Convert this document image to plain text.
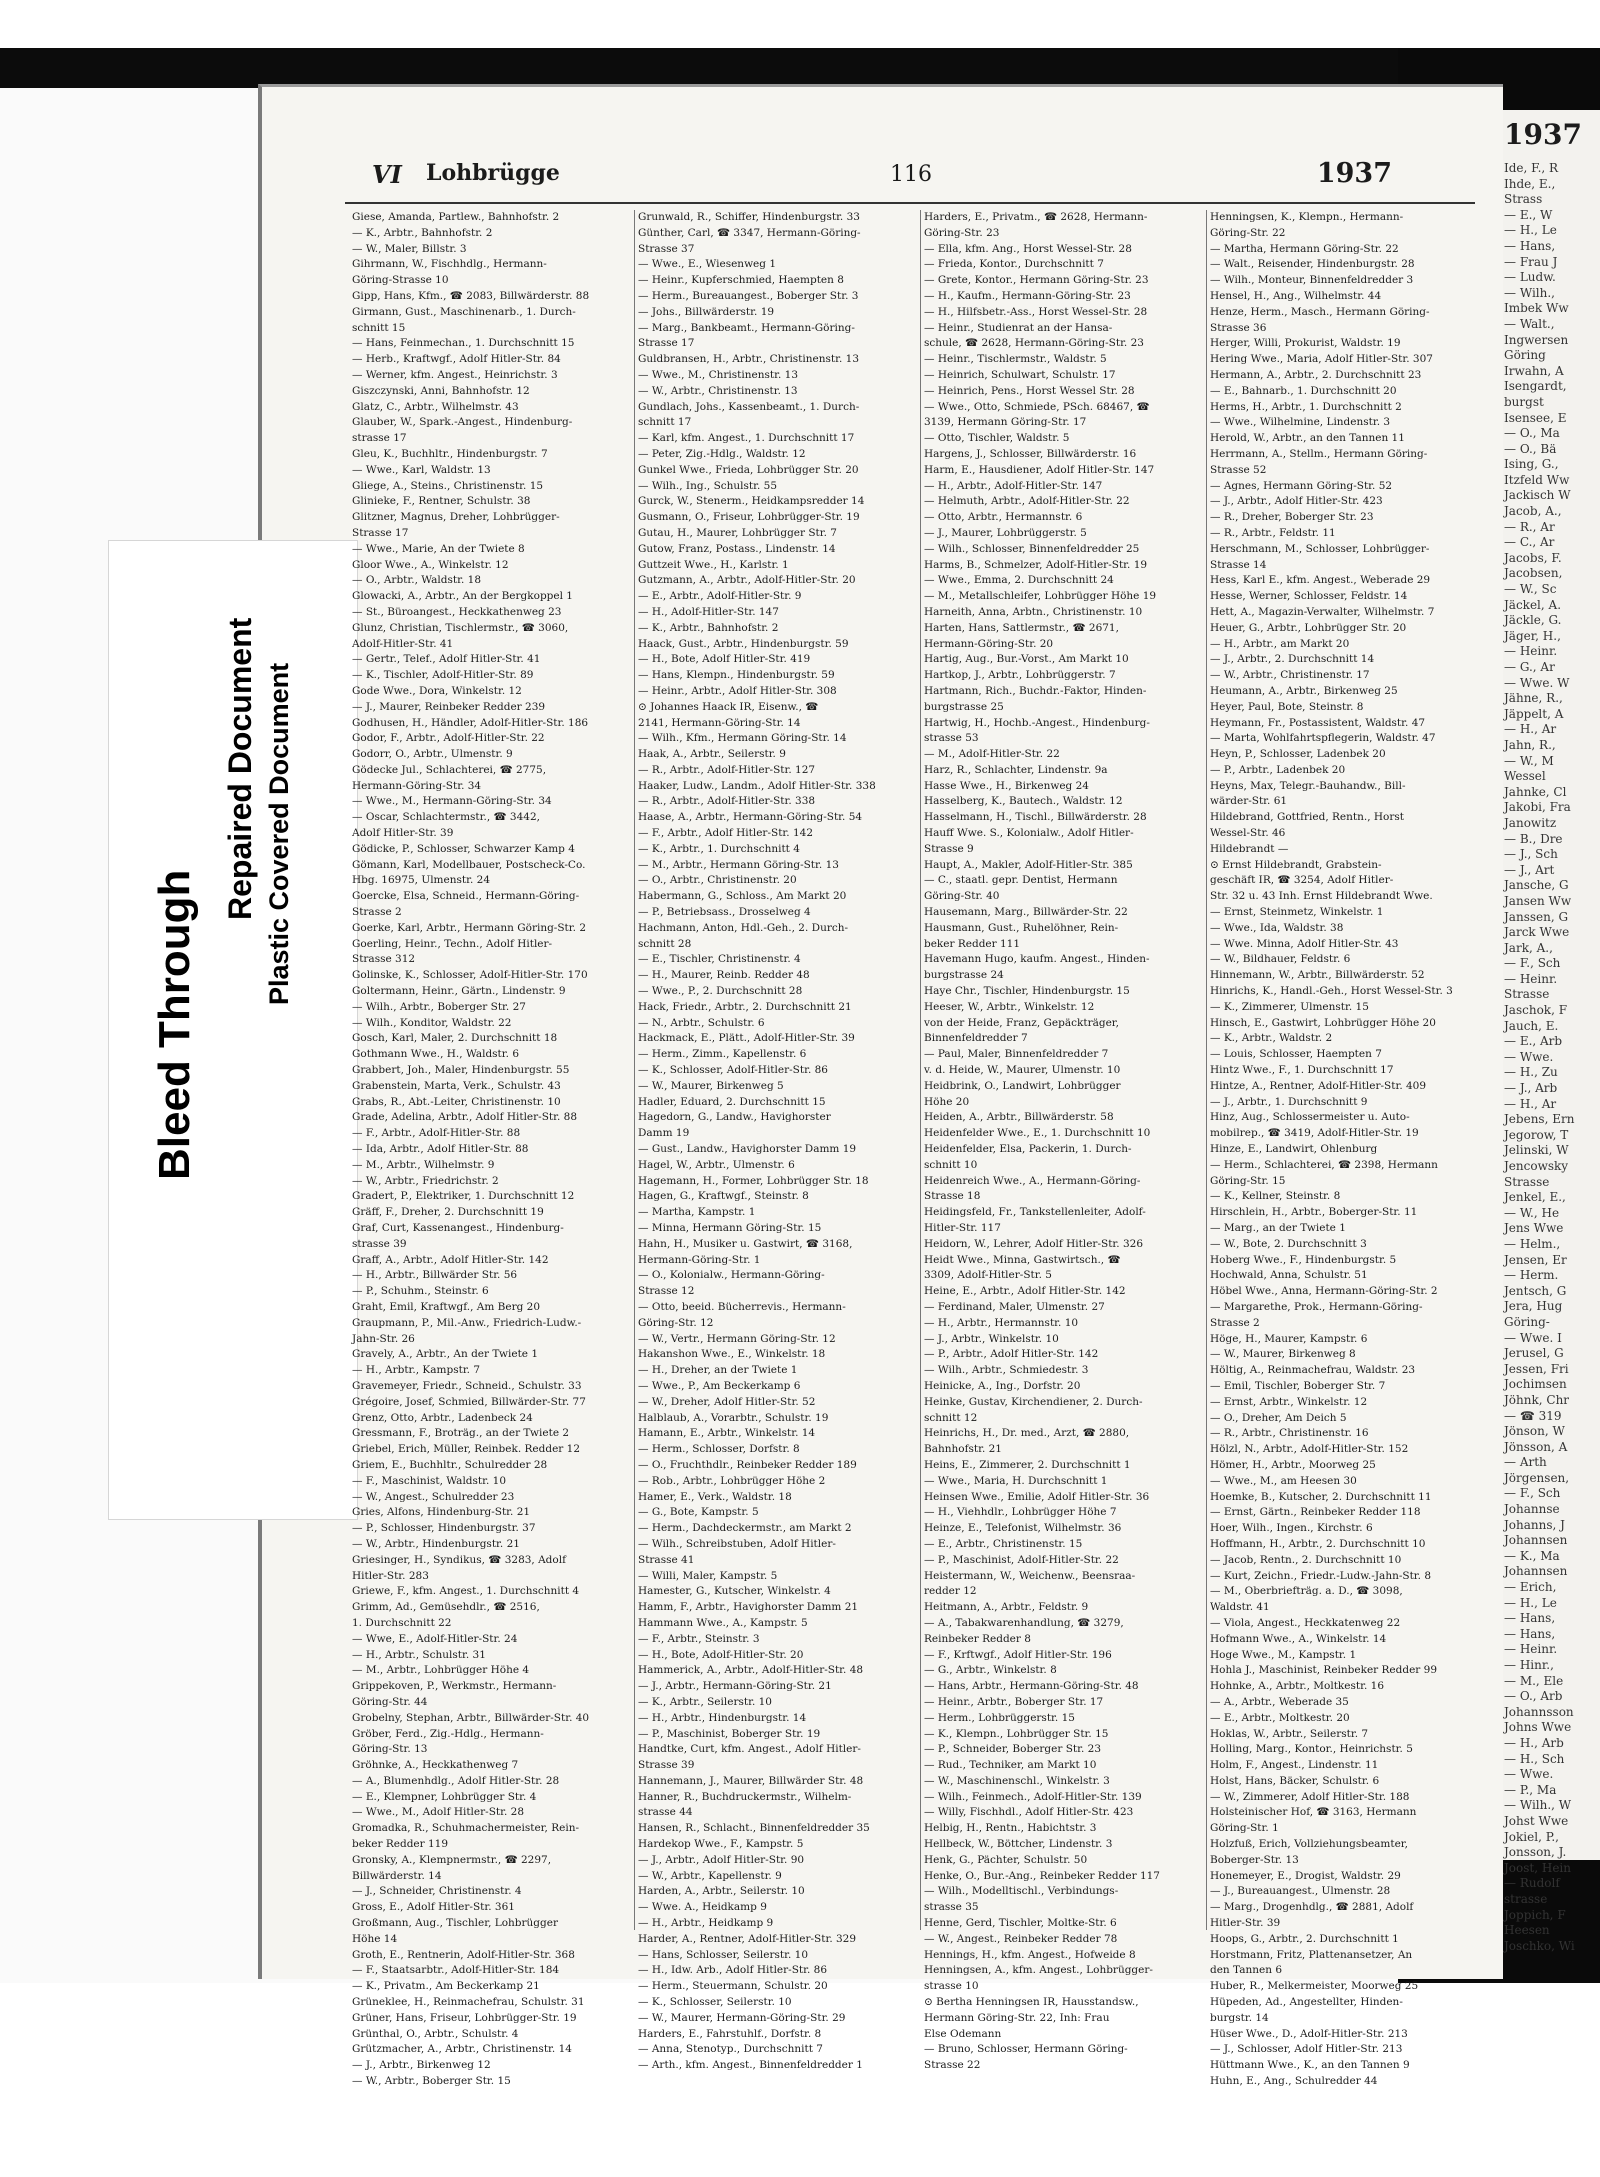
1937
Ide, F., R
Ihde, E.,
Strass
— E., W
— H., Le
— Hans,
— Frau J
— Ludw.
— Wilh.,
Imbek Ww
— Walt.,
Ingwersen
Göring
Irwahn, A
Isengardt,
burgst
Isensee, E
— O., Ma
— O., Bä
Ising, G.,
Itzfeld Ww
Jackisch W
Jacob, A.,
— R., Ar
— C., Ar
Jacobs, F.
Jacobsen,
— W., Sc
Jäckel, A.
Jäckle, G.
Jäger, H.,
— Heinr.
— G., Ar
— Wwe. W
Jähne, R.,
Jäppelt, A
— H., Ar
Jahn, R.,
— W., M
Wessel
Jahnke, Cl
Jakobi, Fra
Janowitz
— B., Dre
— J., Sch
— J., Art
Jansche, G
Jansen Ww
Janssen, G
Jarck Wwe
Jark, A.,
— F., Sch
— Heinr.
Strasse
Jaschok, F
Jauch, E.
— E., Arb
— Wwe.
— H., Zu
— J., Arb
— H., Ar
Jebens, Ern
Jegorow, T
Jelinski, W
Jencowsky
Strasse
Jenkel, E.,
— W., He
Jens Wwe
— Helm.,
Jensen, Er
— Herm.
Jentsch, G
Jera, Hug
Göring-
— Wwe. I
Jerusel, G
Jessen, Fri
Jochimsen
Jöhnk, Chr
— ☎ 319
Jönson, W
Jönsson, A
— Arth
Jörgensen,
— F., Sch
Johannse
Johanns, J
Johannsen
— K., Ma
Johannsen
— Erich,
— H., Le
— Hans,
— Hans,
— Heinr.
— Hinr.,
— M., Ele
— O., Arb
Johannsson
Johns Wwe
— H., Arb
— H., Sch
— Wwe.
— P., Ma
— Wilh., W
Johst Wwe
Jokiel, P.,
Jonsson, J.
Joost, Hein
— Rudolf
strasse
Joppich, F
Heesen
Joschko, Wi
Bleed Through
Repaired Document Plastic Covered Document
VI Lohbrügge	116	1937
Giese, Amanda, Partlew., Bahnhofstr. 2
— K., Arbtr., Bahnhofstr. 2
— W., Maler, Billstr. 3
Gihrmann, W., Fischhdlg., Hermann-
Göring-Strasse 10
Gipp, Hans, Kfm., ☎ 2083, Billwärderstr. 88
Girmann, Gust., Maschinenarb., 1. Durch-
schnitt 15
— Hans, Feinmechan., 1. Durchschnitt 15
— Herb., Kraftwgf., Adolf Hitler-Str. 84
— Werner, kfm. Angest., Heinrichstr. 3
Giszczynski, Anni, Bahnhofstr. 12
Glatz, C., Arbtr., Wilhelmstr. 43
Glauber, W., Spark.-Angest., Hindenburg-
strasse 17
Gleu, K., Buchhltr., Hindenburgstr. 7
— Wwe., Karl, Waldstr. 13
Gliege, A., Steins., Christinenstr. 15
Glinieke, F., Rentner, Schulstr. 38
Glitzner, Magnus, Dreher, Lohbrügger-
Strasse 17
— Wwe., Marie, An der Twiete 8
Gloor Wwe., A., Winkelstr. 12
— O., Arbtr., Waldstr. 18
Glowacki, A., Arbtr., An der Bergkoppel 1
— St., Büroangest., Heckkathenweg 23
Glunz, Christian, Tischlermstr., ☎ 3060,
Adolf-Hitler-Str. 41
— Gertr., Telef., Adolf Hitler-Str. 41
— K., Tischler, Adolf-Hitler-Str. 89
Gode Wwe., Dora, Winkelstr. 12
— J., Maurer, Reinbeker Redder 239
Godhusen, H., Händler, Adolf-Hitler-Str. 186
Godor, F., Arbtr., Adolf-Hitler-Str. 22
Godorr, O., Arbtr., Ulmenstr. 9
Gödecke Jul., Schlachterei, ☎ 2775,
Hermann-Göring-Str. 34
— Wwe., M., Hermann-Göring-Str. 34
— Oscar, Schlachtermstr., ☎ 3442,
Adolf Hitler-Str. 39
Gödicke, P., Schlosser, Schwarzer Kamp 4
Gömann, Karl, Modellbauer, Postscheck-Co.
Hbg. 16975, Ulmenstr. 24
Goercke, Elsa, Schneid., Hermann-Göring-
Strasse 2
Goerke, Karl, Arbtr., Hermann Göring-Str. 2
Goerling, Heinr., Techn., Adolf Hitler-
Strasse 312
Golinske, K., Schlosser, Adolf-Hitler-Str. 170
Goltermann, Heinr., Gärtn., Lindenstr. 9
— Wilh., Arbtr., Boberger Str. 27
— Wilh., Konditor, Waldstr. 22
Gosch, Karl, Maler, 2. Durchschnitt 18
Gothmann Wwe., H., Waldstr. 6
Grabbert, Joh., Maler, Hindenburgstr. 55
Grabenstein, Marta, Verk., Schulstr. 43
Grabs, R., Abt.-Leiter, Christinenstr. 10
Grade, Adelina, Arbtr., Adolf Hitler-Str. 88
— F., Arbtr., Adolf-Hitler-Str. 88
— Ida, Arbtr., Adolf Hitler-Str. 88
— M., Arbtr., Wilhelmstr. 9
— W., Arbtr., Friedrichstr. 2
Gradert, P., Elektriker, 1. Durchschnitt 12
Gräff, F., Dreher, 2. Durchschnitt 19
Graf, Curt, Kassenangest., Hindenburg-
strasse 39
Graff, A., Arbtr., Adolf Hitler-Str. 142
— H., Arbtr., Billwärder Str. 56
— P., Schuhm., Steinstr. 6
Graht, Emil, Kraftwgf., Am Berg 20
Graupmann, P., Mil.-Anw., Friedrich-Ludw.-
Jahn-Str. 26
Gravely, A., Arbtr., An der Twiete 1
— H., Arbtr., Kampstr. 7
Gravemeyer, Friedr., Schneid., Schulstr. 33
Grégoire, Josef, Schmied, Billwärder-Str. 77
Grenz, Otto, Arbtr., Ladenbeck 24
Gressmann, F., Broträg., an der Twiete 2
Griebel, Erich, Müller, Reinbek. Redder 12
Griem, E., Buchhltr., Schulredder 28
— F., Maschinist, Waldstr. 10
— W., Angest., Schulredder 23
Gries, Alfons, Hindenburg-Str. 21
— P., Schlosser, Hindenburgstr. 37
— W., Arbtr., Hindenburgstr. 21
Griesinger, H., Syndikus, ☎ 3283, Adolf
Hitler-Str. 283
Griewe, F., kfm. Angest., 1. Durchschnitt 4
Grimm, Ad., Gemüsehdlr., ☎ 2516,
1. Durchschnitt 22
— Wwe, E., Adolf-Hitler-Str. 24
— H., Arbtr., Schulstr. 31
— M., Arbtr., Lohbrügger Höhe 4
Grippekoven, P., Werkmstr., Hermann-
Göring-Str. 44
Grobelny, Stephan, Arbtr., Billwärder-Str. 40
Gröber, Ferd., Zig.-Hdlg., Hermann-
Göring-Str. 13
Gröhnke, A., Heckkathenweg 7
— A., Blumenhdlg., Adolf Hitler-Str. 28
— E., Klempner, Lohbrügger Str. 4
— Wwe., M., Adolf Hitler-Str. 28
Gromadka, R., Schuhmachermeister, Rein-
beker Redder 119
Gronsky, A., Klempnermstr., ☎ 2297,
Billwärderstr. 14
— J., Schneider, Christinenstr. 4
Gross, E., Adolf Hitler-Str. 361
Großmann, Aug., Tischler, Lohbrügger
Höhe 14
Groth, E., Rentnerin, Adolf-Hitler-Str. 368
— F., Staatsarbtr., Adolf-Hitler-Str. 184
— K., Privatm., Am Beckerkamp 21
Grüneklee, H., Reinmachefrau, Schulstr. 31
Grüner, Hans, Friseur, Lohbrügger-Str. 19
Grünthal, O., Arbtr., Schulstr. 4
Grützmacher, A., Arbtr., Christinenstr. 14
— J., Arbtr., Birkenweg 12
— W., Arbtr., Boberger Str. 15
Grunwald, R., Schiffer, Hindenburgstr. 33
Günther, Carl, ☎ 3347, Hermann-Göring-
Strasse 37
— Wwe., E., Wiesenweg 1
— Heinr., Kupferschmied, Haempten 8
— Herm., Bureauangest., Boberger Str. 3
— Johs., Billwärderstr. 19
— Marg., Bankbeamt., Hermann-Göring-
Strasse 17
Guldbransen, H., Arbtr., Christinenstr. 13
— Wwe., M., Christinenstr. 13
— W., Arbtr., Christinenstr. 13
Gundlach, Johs., Kassenbeamt., 1. Durch-
schnitt 17
— Karl, kfm. Angest., 1. Durchschnitt 17
— Peter, Zig.-Hdlg., Waldstr. 12
Gunkel Wwe., Frieda, Lohbrügger Str. 20
— Wilh., Ing., Schulstr. 55
Gurck, W., Stenerm., Heidkampsredder 14
Gusmann, O., Friseur, Lohbrügger-Str. 19
Gutau, H., Maurer, Lohbrügger Str. 7
Gutow, Franz, Postass., Lindenstr. 14
Guttzeit Wwe., H., Karlstr. 1
Gutzmann, A., Arbtr., Adolf-Hitler-Str. 20
— E., Arbtr., Adolf-Hitler-Str. 9
— H., Adolf-Hitler-Str. 147
— K., Arbtr., Bahnhofstr. 2
Haack, Gust., Arbtr., Hindenburgstr. 59
— H., Bote, Adolf Hitler-Str. 419
— Hans, Klempn., Hindenburgstr. 59
— Heinr., Arbtr., Adolf Hitler-Str. 308
⊙ Johannes Haack IR, Eisenw., ☎
2141, Hermann-Göring-Str. 14
— Wilh., Kfm., Hermann Göring-Str. 14
Haak, A., Arbtr., Seilerstr. 9
— R., Arbtr., Adolf-Hitler-Str. 127
Haaker, Ludw., Landm., Adolf Hitler-Str. 338
— R., Arbtr., Adolf-Hitler-Str. 338
Haase, A., Arbtr., Hermann-Göring-Str. 54
— F., Arbtr., Adolf Hitler-Str. 142
— K., Arbtr., 1. Durchschnitt 4
— M., Arbtr., Hermann Göring-Str. 13
— O., Arbtr., Christinenstr. 20
Habermann, G., Schloss., Am Markt 20
— P., Betriebsass., Drosselweg 4
Hachmann, Anton, Hdl.-Geh., 2. Durch-
schnitt 28
— E., Tischler, Christinenstr. 4
— H., Maurer, Reinb. Redder 48
— Wwe., P., 2. Durchschnitt 28
Hack, Friedr., Arbtr., 2. Durchschnitt 21
— N., Arbtr., Schulstr. 6
Hackmack, E., Plätt., Adolf-Hitler-Str. 39
— Herm., Zimm., Kapellenstr. 6
— K., Schlosser, Adolf-Hitler-Str. 86
— W., Maurer, Birkenweg 5
Hadler, Eduard, 2. Durchschnitt 15
Hagedorn, G., Landw., Havighorster
Damm 19
— Gust., Landw., Havighorster Damm 19
Hagel, W., Arbtr., Ulmenstr. 6
Hagemann, H., Former, Lohbrügger Str. 18
Hagen, G., Kraftwgf., Steinstr. 8
— Martha, Kampstr. 1
— Minna, Hermann Göring-Str. 15
Hahn, H., Musiker u. Gastwirt, ☎ 3168,
Hermann-Göring-Str. 1
— O., Kolonialw., Hermann-Göring-
Strasse 12
— Otto, beeid. Bücherrevis., Hermann-
Göring-Str. 12
— W., Vertr., Hermann Göring-Str. 12
Hakanshon Wwe., E., Winkelstr. 18
— H., Dreher, an der Twiete 1
— Wwe., P., Am Beckerkamp 6
— W., Dreher, Adolf Hitler-Str. 52
Halblaub, A., Vorarbtr., Schulstr. 19
Hamann, E., Arbtr., Winkelstr. 14
— Herm., Schlosser, Dorfstr. 8
— O., Fruchthdlr., Reinbeker Redder 189
— Rob., Arbtr., Lohbrügger Höhe 2
Hamer, E., Verk., Waldstr. 18
— G., Bote, Kampstr. 5
— Herm., Dachdeckermstr., am Markt 2
— Wilh., Schreibstuben, Adolf Hitler-
Strasse 41
— Willi, Maler, Kampstr. 5
Hamester, G., Kutscher, Winkelstr. 4
Hamm, F., Arbtr., Havighorster Damm 21
Hammann Wwe., A., Kampstr. 5
— F., Arbtr., Steinstr. 3
— H., Bote, Adolf-Hitler-Str. 20
Hammerick, A., Arbtr., Adolf-Hitler-Str. 48
— J., Arbtr., Hermann-Göring-Str. 21
— K., Arbtr., Seilerstr. 10
— H., Arbtr., Hindenburgstr. 14
— P., Maschinist, Boberger Str. 19
Handtke, Curt, kfm. Angest., Adolf Hitler-
Strasse 39
Hannemann, J., Maurer, Billwärder Str. 48
Hanner, R., Buchdruckermstr., Wilhelm-
strasse 44
Hansen, R., Schlacht., Binnenfeldredder 35
Hardekop Wwe., F., Kampstr. 5
— J., Arbtr., Adolf Hitler-Str. 90
— W., Arbtr., Kapellenstr. 9
Harden, A., Arbtr., Seilerstr. 10
— Wwe. A., Heidkamp 9
— H., Arbtr., Heidkamp 9
Harder, A., Rentner, Adolf-Hitler-Str. 329
— Hans, Schlosser, Seilerstr. 10
— H., Idw. Arb., Adolf Hitler-Str. 86
— Herm., Steuermann, Schulstr. 20
— K., Schlosser, Seilerstr. 10
— W., Maurer, Hermann-Göring-Str. 29
Harders, E., Fahrstuhlf., Dorfstr. 8
— Anna, Stenotyp., Durchschnitt 7
— Arth., kfm. Angest., Binnenfeldredder 1
Harders, E., Privatm., ☎ 2628, Hermann-
Göring-Str. 23
— Ella, kfm. Ang., Horst Wessel-Str. 28
— Frieda, Kontor., Durchschnitt 7
— Grete, Kontor., Hermann Göring-Str. 23
— H., Kaufm., Hermann-Göring-Str. 23
— H., Hilfsbetr.-Ass., Horst Wessel-Str. 28
— Heinr., Studienrat an der Hansa-
schule, ☎ 2628, Hermann-Göring-Str. 23
— Heinr., Tischlermstr., Waldstr. 5
— Heinrich, Schulwart, Schulstr. 17
— Heinrich, Pens., Horst Wessel Str. 28
— Wwe., Otto, Schmiede, PSch. 68467, ☎
3139, Hermann Göring-Str. 17
— Otto, Tischler, Waldstr. 5
Hargens, J., Schlosser, Billwärderstr. 16
Harm, E., Hausdiener, Adolf Hitler-Str. 147
— H., Arbtr., Adolf-Hitler-Str. 147
— Helmuth, Arbtr., Adolf-Hitler-Str. 22
— Otto, Arbtr., Hermannstr. 6
— J., Maurer, Lohbrüggerstr. 5
— Wilh., Schlosser, Binnenfeldredder 25
Harms, B., Schmelzer, Adolf-Hitler-Str. 19
— Wwe., Emma, 2. Durchschnitt 24
— M., Metallschleifer, Lohbrügger Höhe 19
Harneith, Anna, Arbtn., Christinenstr. 10
Harten, Hans, Sattlermstr., ☎ 2671,
Hermann-Göring-Str. 20
Hartig, Aug., Bur.-Vorst., Am Markt 10
Hartkop, J., Arbtr., Lohbrüggerstr. 7
Hartmann, Rich., Buchdr.-Faktor, Hinden-
burgstrasse 25
Hartwig, H., Hochb.-Angest., Hindenburg-
strasse 53
— M., Adolf-Hitler-Str. 22
Harz, R., Schlachter, Lindenstr. 9a
Hasse Wwe., H., Birkenweg 24
Hasselberg, K., Bautech., Waldstr. 12
Hasselmann, H., Tischl., Billwärderstr. 28
Hauff Wwe. S., Kolonialw., Adolf Hitler-
Strasse 9
Haupt, A., Makler, Adolf-Hitler-Str. 385
— C., staatl. gepr. Dentist, Hermann
Göring-Str. 40
Hausemann, Marg., Billwärder-Str. 22
Hausmann, Gust., Ruhelöhner, Rein-
beker Redder 111
Havemann Hugo, kaufm. Angest., Hinden-
burgstrasse 24
Haye Chr., Tischler, Hindenburgstr. 15
Heeser, W., Arbtr., Winkelstr. 12
von der Heide, Franz, Gepäckträger,
Binnenfeldredder 7
— Paul, Maler, Binnenfeldredder 7
v. d. Heide, W., Maurer, Ulmenstr. 10
Heidbrink, O., Landwirt, Lohbrügger
Höhe 20
Heiden, A., Arbtr., Billwärderstr. 58
Heidenfelder Wwe., E., 1. Durchschnitt 10
Heidenfelder, Elsa, Packerin, 1. Durch-
schnitt 10
Heidenreich Wwe., A., Hermann-Göring-
Strasse 18
Heidingsfeld, Fr., Tankstellenleiter, Adolf-
Hitler-Str. 117
Heidorn, W., Lehrer, Adolf Hitler-Str. 326
Heidt Wwe., Minna, Gastwirtsch., ☎
3309, Adolf-Hitler-Str. 5
Heine, E., Arbtr., Adolf Hitler-Str. 142
— Ferdinand, Maler, Ulmenstr. 27
— H., Arbtr., Hermannstr. 10
— J., Arbtr., Winkelstr. 10
— P., Arbtr., Adolf Hitler-Str. 142
— Wilh., Arbtr., Schmiedestr. 3
Heinicke, A., Ing., Dorfstr. 20
Heinke, Gustav, Kirchendiener, 2. Durch-
schnitt 12
Heinrichs, H., Dr. med., Arzt, ☎ 2880,
Bahnhofstr. 21
Heins, E., Zimmerer, 2. Durchschnitt 1
— Wwe., Maria, H. Durchschnitt 1
Heinsen Wwe., Emilie, Adolf Hitler-Str. 36
— H., Viehhdlr., Lohbrügger Höhe 7
Heinze, E., Telefonist, Wilhelmstr. 36
— E., Arbtr., Christinenstr. 15
— P., Maschinist, Adolf-Hitler-Str. 22
Heistermann, W., Weichenw., Beensraa-
redder 12
Heitmann, A., Arbtr., Feldstr. 9
— A., Tabakwarenhandlung, ☎ 3279,
Reinbeker Redder 8
— F., Krftwgf., Adolf Hitler-Str. 196
— G., Arbtr., Winkelstr. 8
— Hans, Arbtr., Hermann-Göring-Str. 48
— Heinr., Arbtr., Boberger Str. 17
— Herm., Lohbrüggerstr. 15
— K., Klempn., Lohbrügger Str. 15
— P., Schneider, Boberger Str. 23
— Rud., Techniker, am Markt 10
— W., Maschinenschl., Winkelstr. 3
— Wilh., Feinmech., Adolf-Hitler-Str. 139
— Willy, Fischhdl., Adolf Hitler-Str. 423
Helbig, H., Rentn., Habichtstr. 3
Hellbeck, W., Böttcher, Lindenstr. 3
Henk, G., Pächter, Schulstr. 50
Henke, O., Bur.-Ang., Reinbeker Redder 117
— Wilh., Modelltischl., Verbindungs-
strasse 35
Henne, Gerd, Tischler, Moltke-Str. 6
— W., Angest., Reinbeker Redder 78
Hennings, H., kfm. Angest., Hofweide 8
Henningsen, A., kfm. Angest., Lohbrügger-
strasse 10
⊙ Bertha Henningsen IR, Hausstandsw.,
Hermann Göring-Str. 22, Inh: Frau
Else Odemann
— Bruno, Schlosser, Hermann Göring-
Strasse 22
Henningsen, K., Klempn., Hermann-
Göring-Str. 22
— Martha, Hermann Göring-Str. 22
— Walt., Reisender, Hindenburgstr. 28
— Wilh., Monteur, Binnenfeldredder 3
Hensel, H., Ang., Wilhelmstr. 44
Henze, Herm., Masch., Hermann Göring-
Strasse 36
Herger, Willi, Prokurist, Waldstr. 19
Hering Wwe., Maria, Adolf Hitler-Str. 307
Hermann, A., Arbtr., 2. Durchschnitt 23
— E., Bahnarb., 1. Durchschnitt 20
Herms, H., Arbtr., 1. Durchschnitt 2
— Wwe., Wilhelmine, Lindenstr. 3
Herold, W., Arbtr., an den Tannen 11
Herrmann, A., Stellm., Hermann Göring-
Strasse 52
— Agnes, Hermann Göring-Str. 52
— J., Arbtr., Adolf Hitler-Str. 423
— R., Dreher, Boberger Str. 23
— R., Arbtr., Feldstr. 11
Herschmann, M., Schlosser, Lohbrügger-
Strasse 14
Hess, Karl E., kfm. Angest., Weberade 29
Hesse, Werner, Schlosser, Feldstr. 14
Hett, A., Magazin-Verwalter, Wilhelmstr. 7
Heuer, G., Arbtr., Lohbrügger Str. 20
— H., Arbtr., am Markt 20
— J., Arbtr., 2. Durchschnitt 14
— W., Arbtr., Christinenstr. 17
Heumann, A., Arbtr., Birkenweg 25
Heyer, Paul, Bote, Steinstr. 8
Heymann, Fr., Postassistent, Waldstr. 47
— Marta, Wohlfahrtspflegerin, Waldstr. 47
Heyn, P., Schlosser, Ladenbek 20
— P., Arbtr., Ladenbek 20
Heyns, Max, Telegr.-Bauhandw., Bill-
wärder-Str. 61
Hildebrand, Gottfried, Rentn., Horst
Wessel-Str. 46
Hildebrandt —
⊙ Ernst Hildebrandt, Grabstein-
geschäft IR, ☎ 3254, Adolf Hitler-
Str. 32 u. 43 Inh. Ernst Hildebrandt Wwe.
— Ernst, Steinmetz, Winkelstr. 1
— Wwe., Ida, Waldstr. 38
— Wwe. Minna, Adolf Hitler-Str. 43
— W., Bildhauer, Feldstr. 6
Hinnemann, W., Arbtr., Billwärderstr. 52
Hinrichs, K., Handl.-Geh., Horst Wessel-Str. 3
— K., Zimmerer, Ulmenstr. 15
Hinsch, E., Gastwirt, Lohbrügger Höhe 20
— K., Arbtr., Waldstr. 2
— Louis, Schlosser, Haempten 7
Hintz Wwe., F., 1. Durchschnitt 17
Hintze, A., Rentner, Adolf-Hitler-Str. 409
— J., Arbtr., 1. Durchschnitt 9
Hinz, Aug., Schlossermeister u. Auto-
mobilrep., ☎ 3419, Adolf-Hitler-Str. 19
Hinze, E., Landwirt, Ohlenburg
— Herm., Schlachterei, ☎ 2398, Hermann
Göring-Str. 15
— K., Kellner, Steinstr. 8
Hirschlein, H., Arbtr., Boberger-Str. 11
— Marg., an der Twiete 1
— W., Bote, 2. Durchschnitt 3
Hoberg Wwe., F., Hindenburgstr. 5
Hochwald, Anna, Schulstr. 51
Höbel Wwe., Anna, Hermann-Göring-Str. 2
— Margarethe, Prok., Hermann-Göring-
Strasse 2
Höge, H., Maurer, Kampstr. 6
— W., Maurer, Birkenweg 8
Höltig, A., Reinmachefrau, Waldstr. 23
— Emil, Tischler, Boberger Str. 7
— Ernst, Arbtr., Winkelstr. 12
— O., Dreher, Am Deich 5
— R., Arbtr., Christinenstr. 16
Hölzl, N., Arbtr., Adolf-Hitler-Str. 152
Hömer, H., Arbtr., Moorweg 25
— Wwe., M., am Heesen 30
Hoemke, B., Kutscher, 2. Durchschnitt 11
— Ernst, Gärtn., Reinbeker Redder 118
Hoer, Wilh., Ingen., Kirchstr. 6
Hoffmann, H., Arbtr., 2. Durchschnitt 10
— Jacob, Rentn., 2. Durchschnitt 10
— Kurt, Zeichn., Friedr.-Ludw.-Jahn-Str. 8
— M., Oberbriefträg. a. D., ☎ 3098,
Waldstr. 41
— Viola, Angest., Heckkatenweg 22
Hofmann Wwe., A., Winkelstr. 14
Hoge Wwe., M., Kampstr. 1
Hohla J., Maschinist, Reinbeker Redder 99
Hohnke, A., Arbtr., Moltkestr. 16
— A., Arbtr., Weberade 35
— E., Arbtr., Moltkestr. 20
Hoklas, W., Arbtr., Seilerstr. 7
Holling, Marg., Kontor., Heinrichstr. 5
Holm, F., Angest., Lindenstr. 11
Holst, Hans, Bäcker, Schulstr. 6
— W., Zimmerer, Adolf Hitler-Str. 188
Holsteinischer Hof, ☎ 3163, Hermann
Göring-Str. 1
Holzfuß, Erich, Vollziehungsbeamter,
Boberger-Str. 13
Honemeyer, E., Drogist, Waldstr. 29
— J., Bureauangest., Ulmenstr. 28
— Marg., Drogenhdlg., ☎ 2881, Adolf
Hitler-Str. 39
Hoops, G., Arbtr., 2. Durchschnitt 1
Horstmann, Fritz, Plattenansetzer, An
den Tannen 6
Huber, R., Melkermeister, Moorweg 25
Hüpeden, Ad., Angestellter, Hinden-
burgstr. 14
Hüser Wwe., D., Adolf-Hitler-Str. 213
— J., Schlosser, Adolf Hitler-Str. 213
Hüttmann Wwe., K., an den Tannen 9
Huhn, E., Ang., Schulredder 44
